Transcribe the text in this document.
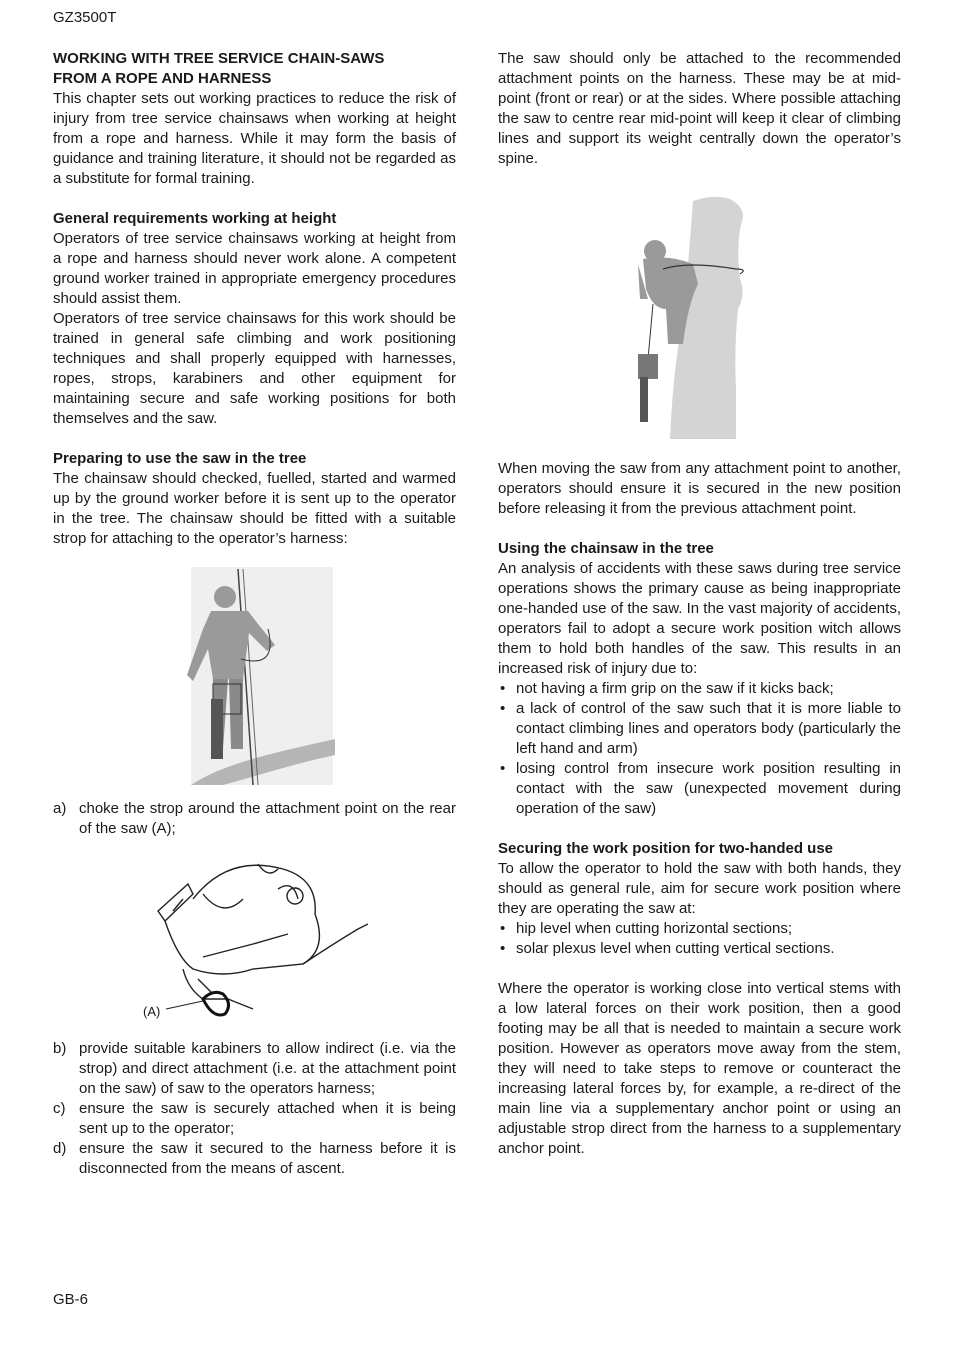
GZ3500T
WORKING WITH TREE SERVICE CHAIN-SAWS
FROM A ROPE AND HARNESS

This chapter sets out working practices to reduce the risk of injury from tree service chainsaws when working at height from a rope and harness. While it may form the basis of guidance and training literature, it should not be regarded as a substitute for formal training.

General requirements working at height

Operators of tree service chainsaws working at height from a rope and harness should never work alone. A competent ground worker trained in appropriate emergency procedures should assist them.

Operators of tree service chainsaws for this work should be trained in general safe climbing and work positioning techniques and shall properly equipped with harnesses, ropes, strops, karabiners and other equipment for maintaining secure and safe working positions for both themselves and the saw.

Preparing to use the saw in the tree

The chainsaw should checked, fuelled, started and warmed up by the ground worker before it is sent up to the operator in the tree. The chainsaw should be fitted with a suitable strop for attaching to the operator’s harness:

a) choke the strop around the attachment point on the rear of the saw (A);
(A)
b) provide suitable karabiners to allow indirect (i.e. via the strop) and direct attachment (i.e. at the attachment point on the saw) of saw to the operators harness;
c) ensure the saw is securely attached when it is being sent up to the operator;
d) ensure the saw it secured to the harness before it is disconnected from the means of ascent.

The saw should only be attached to the recommended attachment points on the harness. These may be at mid-point (front or rear) or at the sides. Where possible attaching the saw to centre rear mid-point will keep it clear of climbing lines and support its weight centrally down the operator’s spine.

When moving the saw from any attachment point to another, operators should ensure it is secured in the new position before releasing it from the previous attachment point.

Using the chainsaw in the tree

An analysis of accidents with these saws during tree service operations shows the primary cause as being inappropriate one-handed use of the saw. In the vast majority of accidents, operators fail to adopt a secure work position witch allows them to hold both handles of the saw. This results in an increased risk of injury due to:

• not having a firm grip on the saw if it kicks back;
• a lack of control of the saw such that it is more liable to contact climbing lines and operators body (particularly the left hand and arm)
• losing control from insecure work position resulting in contact with the saw (unexpected movement during operation of the saw)
Securing the work position for two-handed use

To allow the operator to hold the saw with both hands, they should as general rule, aim for secure work position where they are operating the saw at:

• hip level when cutting horizontal sections;
• solar plexus level when cutting vertical sections.

Where the operator is working close into vertical stems with a low lateral forces on their work position, then a good footing may be all that is needed to maintain a secure work position. However as operators move away from the stem, they will need to take steps to remove or counteract the increasing lateral forces by, for example, a re-direct of the main line via a supplementary anchor point or using an adjustable strop direct from the harness to a supplementary anchor point.

GB-6
